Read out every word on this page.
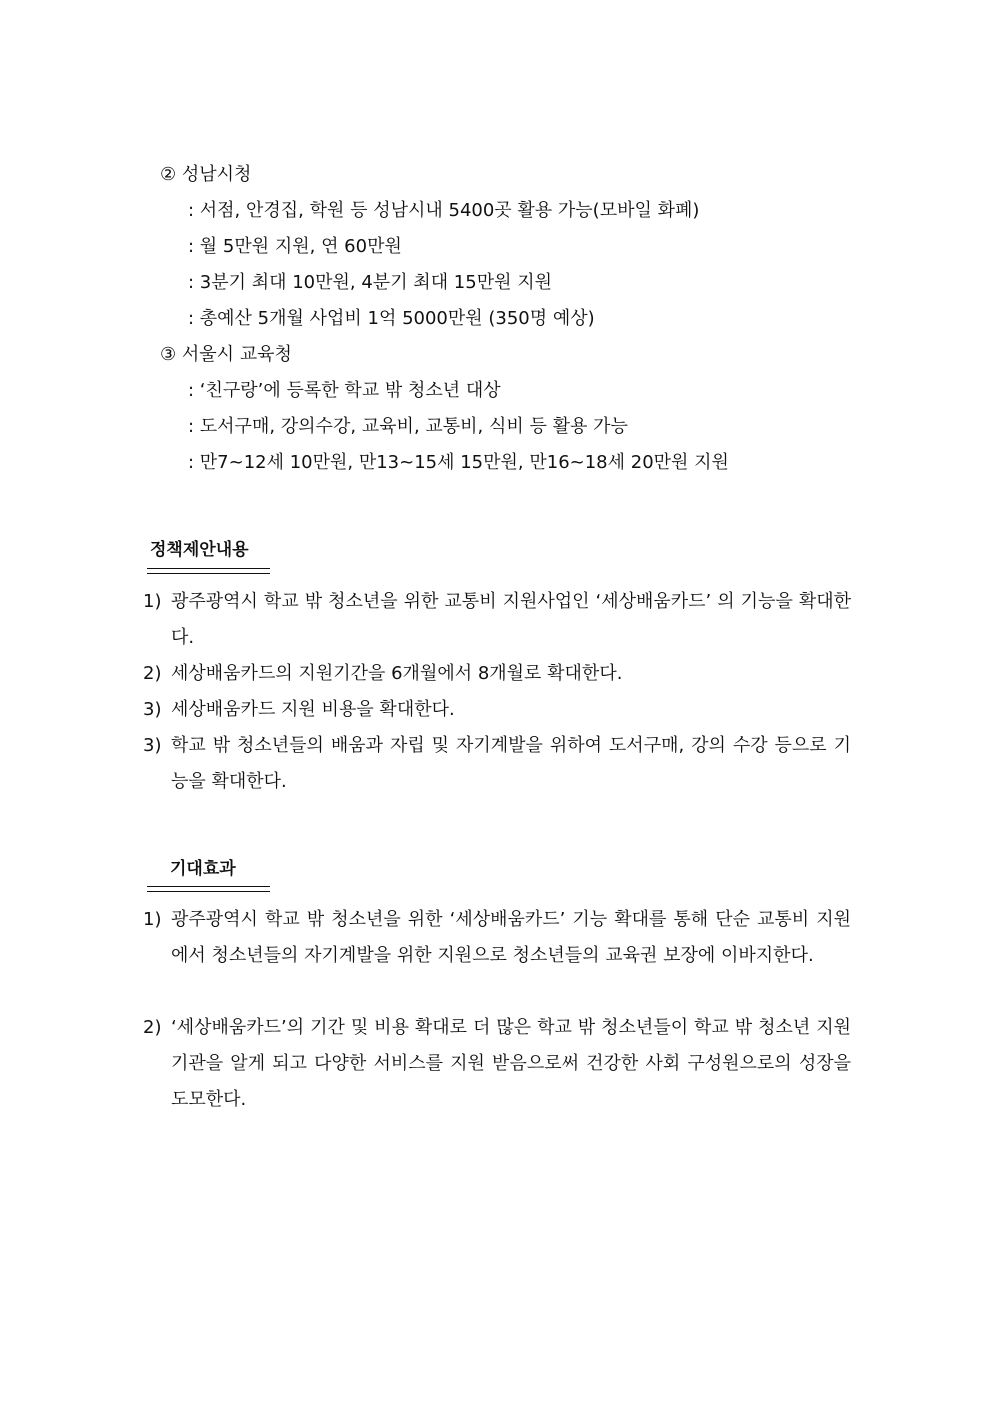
② 성남시청
: 서점, 안경집, 학원 등 성남시내 5400곳 활용 가능(모바일 화폐)
: 월 5만원 지원, 연 60만원
: 3분기 최대 10만원, 4분기 최대 15만원 지원
: 총예산 5개월 사업비 1억 5000만원 (350명 예상)
③ 서울시 교육청
: ‘친구랑’에 등록한 학교 밖 청소년 대상
: 도서구매, 강의수강, 교육비, 교통비, 식비 등 활용 가능
: 만7~12세 10만원, 만13~15세 15만원, 만16~18세 20만원 지원
정책제안내용
1) 광주광역시 학교 밖 청소년을 위한 교통비 지원사업인 ‘세상배움카드’ 의 기능을 확대한다.
2) 세상배움카드의 지원기간을 6개월에서 8개월로 확대한다.
3) 세상배움카드 지원 비용을 확대한다.
3) 학교 밖 청소년들의 배움과 자립 및 자기계발을 위하여 도서구매, 강의 수강 등으로 기능을 확대한다.
기대효과
1) 광주광역시 학교 밖 청소년을 위한 ‘세상배움카드’ 기능 확대를 통해 단순 교통비 지원에서 청소년들의 자기계발을 위한 지원으로 청소년들의 교육권 보장에 이바지한다.
2) ‘세상배움카드’의 기간 및 비용 확대로 더 많은 학교 밖 청소년들이 학교 밖 청소년 지원 기관을 알게 되고 다양한 서비스를 지원 받음으로써 건강한 사회 구성원으로의 성장을 도모한다.
